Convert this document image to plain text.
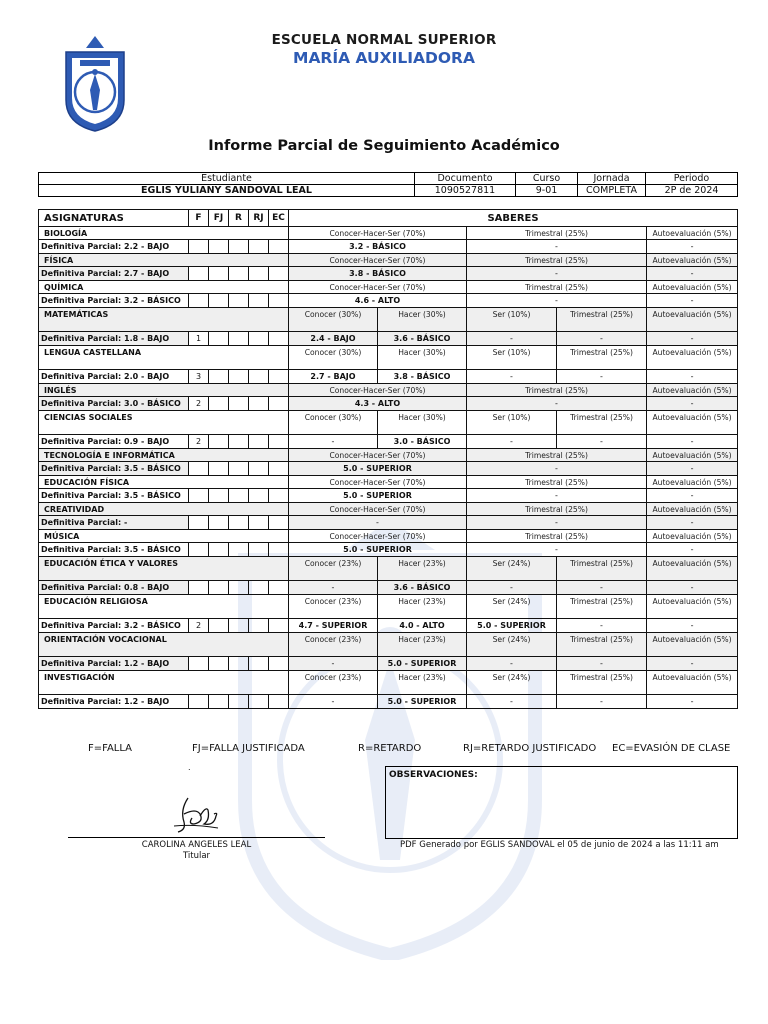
ESCUELA NORMAL SUPERIOR
MARÍA AUXILIADORA
Informe Parcial de Seguimiento Académico
Estudiante	Documento	Curso	Jornada	Periodo
EGLIS YULIANY SANDOVAL LEAL	1090527811	9-01	COMPLETA	2P de 2024
ASIGNATURAS	F	FJ	R	RJ	EC	SABERES				
BIOLOGÍA						Conocer-Hacer-Ser (70%)		Trimestral (25%)		Autoevaluación (5%)
Definitiva Parcial: 2.2 - BAJO						3.2 - BÁSICO		-		-
FÍSICA						Conocer-Hacer-Ser (70%)		Trimestral (25%)		Autoevaluación (5%)
Definitiva Parcial: 2.7 - BAJO						3.8 - BÁSICO		-		-
QUÍMICA						Conocer-Hacer-Ser (70%)		Trimestral (25%)		Autoevaluación (5%)
Definitiva Parcial: 3.2 - BÁSICO						4.6 - ALTO		-		-
MATEMÁTICAS						Conocer (30%)	Hacer (30%)	Ser (10%)	Trimestral (25%)	Autoevaluación (5%)
Definitiva Parcial: 1.8 - BAJO	1					2.4 - BAJO	3.6 - BÁSICO	-	-	-
LENGUA CASTELLANA						Conocer (30%)	Hacer (30%)	Ser (10%)	Trimestral (25%)	Autoevaluación (5%)
Definitiva Parcial: 2.0 - BAJO	3					2.7 - BAJO	3.8 - BÁSICO	-	-	-
INGLÉS						Conocer-Hacer-Ser (70%)		Trimestral (25%)		Autoevaluación (5%)
Definitiva Parcial: 3.0 - BÁSICO	2					4.3 - ALTO		-		-
CIENCIAS SOCIALES						Conocer (30%)	Hacer (30%)	Ser (10%)	Trimestral (25%)	Autoevaluación (5%)
Definitiva Parcial: 0.9 - BAJO	2					-	3.0 - BÁSICO	-	-	-
TECNOLOGÍA E INFORMÁTICA						Conocer-Hacer-Ser (70%)		Trimestral (25%)		Autoevaluación (5%)
Definitiva Parcial: 3.5 - BÁSICO						5.0 - SUPERIOR		-		-
EDUCACIÓN FÍSICA						Conocer-Hacer-Ser (70%)		Trimestral (25%)		Autoevaluación (5%)
Definitiva Parcial: 3.5 - BÁSICO						5.0 - SUPERIOR		-		-
CREATIVIDAD						Conocer-Hacer-Ser (70%)		Trimestral (25%)		Autoevaluación (5%)
Definitiva Parcial: -						-		-		-
MÚSICA						Conocer-Hacer-Ser (70%)		Trimestral (25%)		Autoevaluación (5%)
Definitiva Parcial: 3.5 - BÁSICO						5.0 - SUPERIOR		-		-
EDUCACIÓN ÉTICA Y VALORES						Conocer (23%)	Hacer (23%)	Ser (24%)	Trimestral (25%)	Autoevaluación (5%)
Definitiva Parcial: 0.8 - BAJO						-	3.6 - BÁSICO	-	-	-
EDUCACIÓN RELIGIOSA						Conocer (23%)	Hacer (23%)	Ser (24%)	Trimestral (25%)	Autoevaluación (5%)
Definitiva Parcial: 3.2 - BÁSICO	2					4.7 - SUPERIOR	4.0 - ALTO	5.0 - SUPERIOR	-	-
ORIENTACIÓN VOCACIONAL						Conocer (23%)	Hacer (23%)	Ser (24%)	Trimestral (25%)	Autoevaluación (5%)
Definitiva Parcial: 1.2 - BAJO						-	5.0 - SUPERIOR	-	-	-
INVESTIGACIÓN						Conocer (23%)	Hacer (23%)	Ser (24%)	Trimestral (25%)	Autoevaluación (5%)
Definitiva Parcial: 1.2 - BAJO						-	5.0 - SUPERIOR	-	-	-
F=FALLA	FJ=FALLA JUSTIFICADA	R=RETARDO	RJ=RETARDO JUSTIFICADO EC=EVASIÓN DE CLASE
.
CAROLINA ANGELES LEAL
Titular
OBSERVACIONES:
PDF Generado por EGLIS SANDOVAL el 05 de junio de 2024 a las 11:11 am
